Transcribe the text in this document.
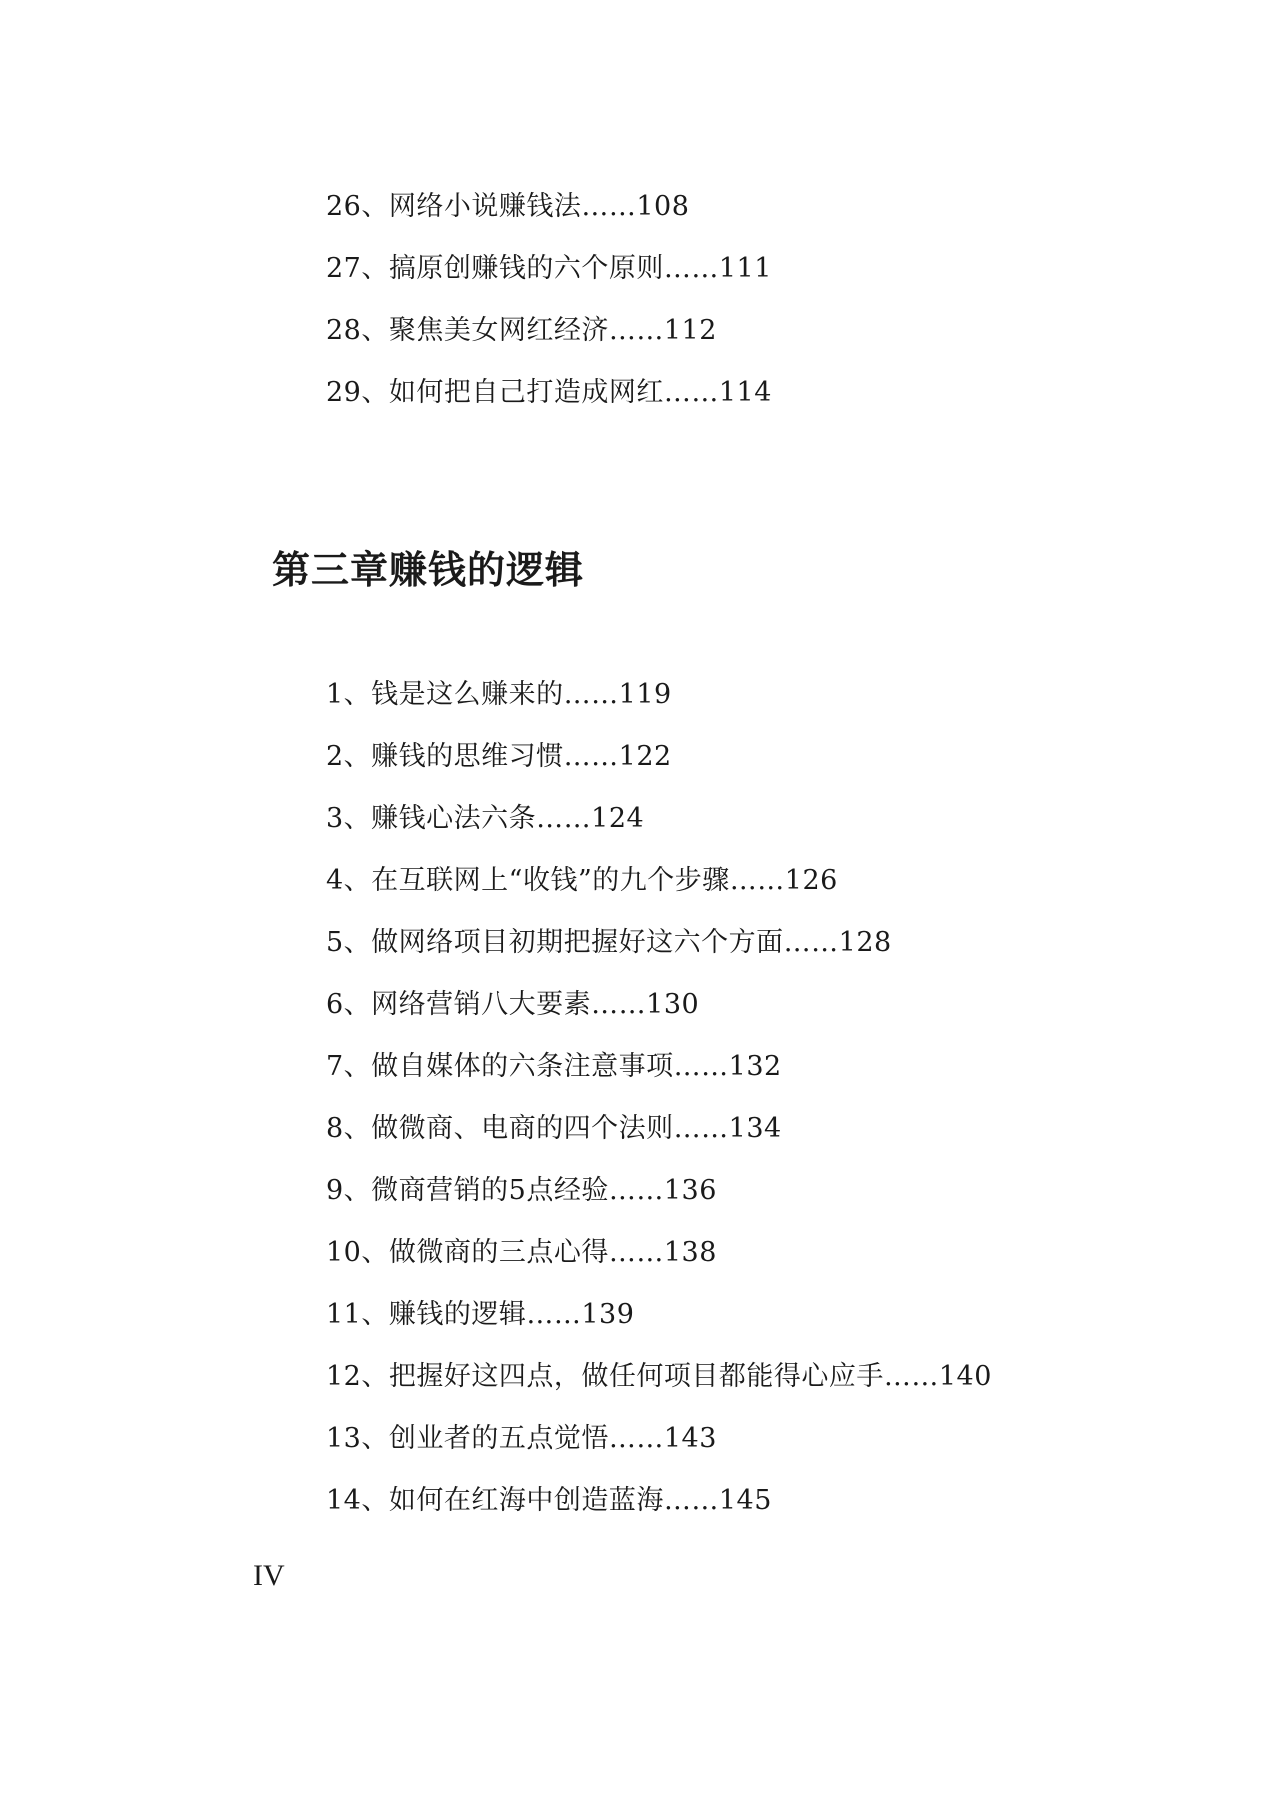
26、网络小说赚钱法……108
27、搞原创赚钱的六个原则……111
28、聚焦美女网红经济……112
29、如何把自己打造成网红……114
第三章赚钱的逻辑
1、钱是这么赚来的……119
2、赚钱的思维习惯……122
3、赚钱心法六条……124
4、在互联网上“收钱”的九个步骤……126
5、做网络项目初期把握好这六个方面……128
6、网络营销八大要素……130
7、做自媒体的六条注意事项……132
8、做微商、电商的四个法则……134
9、微商营销的5点经验……136
10、做微商的三点心得……138
11、赚钱的逻辑……139
12、把握好这四点，做任何项目都能得心应手……140
13、创业者的五点觉悟……143
14、如何在红海中创造蓝海……145
IV
